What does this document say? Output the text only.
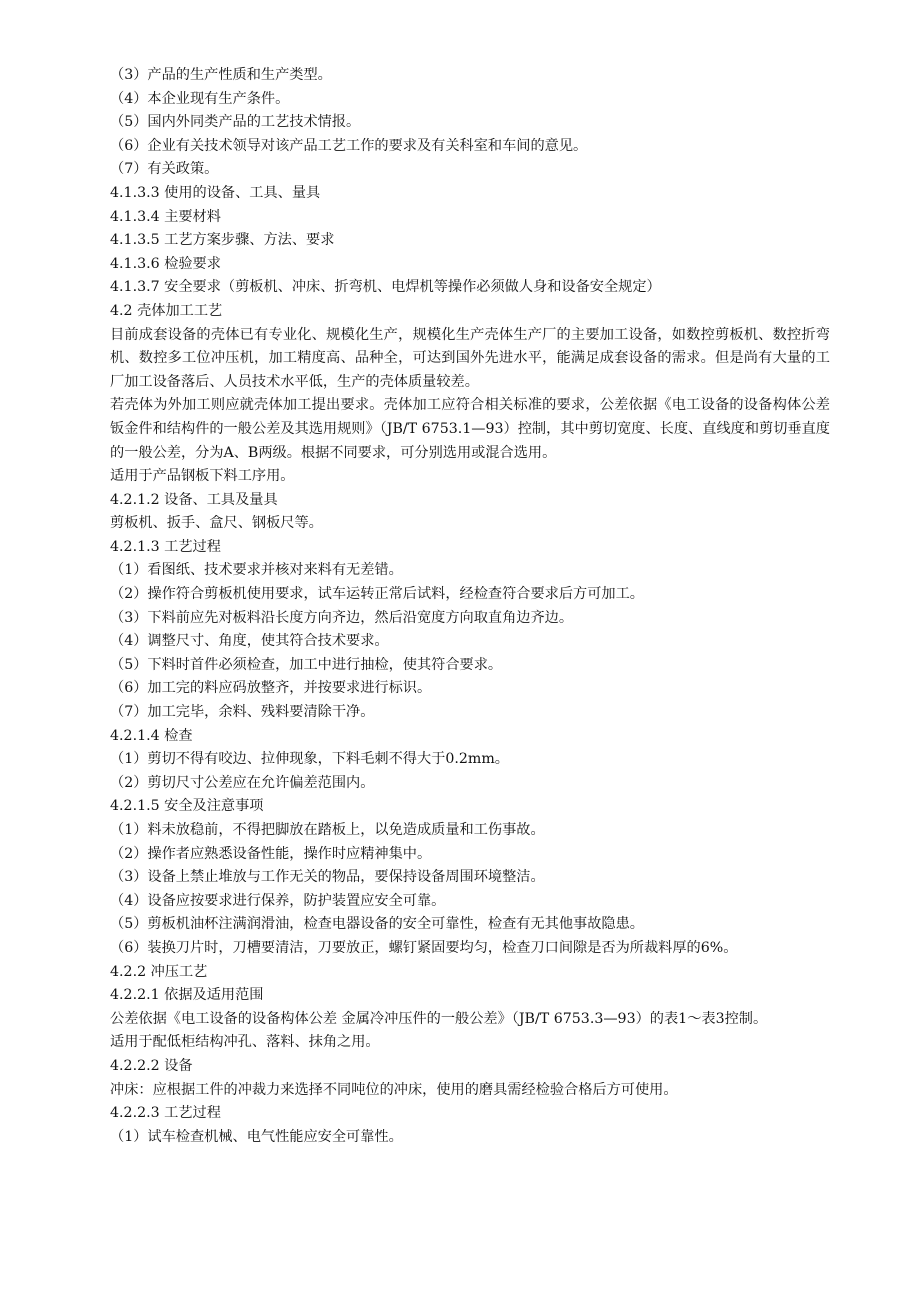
（3）产品的生产性质和生产类型。
（4）本企业现有生产条件。
（5）国内外同类产品的工艺技术情报。
（6）企业有关技术领导对该产品工艺工作的要求及有关科室和车间的意见。
（7）有关政策。
4.1.3.3 使用的设备、工具、量具
4.1.3.4 主要材料
4.1.3.5 工艺方案步骤、方法、要求
4.1.3.6 检验要求
4.1.3.7 安全要求（剪板机、冲床、折弯机、电焊机等操作必须做人身和设备安全规定）
4.2 壳体加工工艺
目前成套设备的壳体已有专业化、规模化生产，规模化生产壳体生产厂的主要加工设备，如数控剪板机、数控折弯机、数控多工位冲压机，加工精度高、品种全，可达到国外先进水平，能满足成套设备的需求。但是尚有大量的工厂加工设备落后、人员技术水平低，生产的壳体质量较差。
若壳体为外加工则应就壳体加工提出要求。壳体加工应符合相关标准的要求，公差依据《电工设备的设备构体公差 钣金件和结构件的一般公差及其选用规则》（JB/T 6753.1—93）控制，其中剪切宽度、长度、直线度和剪切垂直度的一般公差，分为A、B两级。根据不同要求，可分别选用或混合选用。
适用于产品钢板下料工序用。
4.2.1.2 设备、工具及量具
剪板机、扳手、盒尺、钢板尺等。
4.2.1.3 工艺过程
（1）看图纸、技术要求并核对来料有无差错。
（2）操作符合剪板机使用要求，试车运转正常后试料，经检查符合要求后方可加工。
（3）下料前应先对板料沿长度方向齐边，然后沿宽度方向取直角边齐边。
（4）调整尺寸、角度，使其符合技术要求。
（5）下料时首件必须检查，加工中进行抽检，使其符合要求。
（6）加工完的料应码放整齐，并按要求进行标识。
（7）加工完毕，余料、残料要清除干净。
4.2.1.4 检查
（1）剪切不得有咬边、拉伸现象，下料毛刺不得大于0.2mm。
（2）剪切尺寸公差应在允许偏差范围内。
4.2.1.5 安全及注意事项
（1）料未放稳前，不得把脚放在踏板上，以免造成质量和工伤事故。
（2）操作者应熟悉设备性能，操作时应精神集中。
（3）设备上禁止堆放与工作无关的物品，要保持设备周围环境整洁。
（4）设备应按要求进行保养，防护装置应安全可靠。
（5）剪板机油杯注满润滑油，检查电器设备的安全可靠性，检查有无其他事故隐患。
（6）装换刀片时，刀槽要清洁，刀要放正，螺钉紧固要均匀，检查刀口间隙是否为所裁料厚的6%。
4.2.2 冲压工艺
4.2.2.1 依据及适用范围
公差依据《电工设备的设备构体公差 金属冷冲压件的一般公差》（JB/T 6753.3—93）的表1～表3控制。
适用于配低柜结构冲孔、落料、抹角之用。
4.2.2.2 设备
冲床：应根据工件的冲裁力来选择不同吨位的冲床，使用的磨具需经检验合格后方可使用。
4.2.2.3 工艺过程
（1）试车检查机械、电气性能应安全可靠性。
